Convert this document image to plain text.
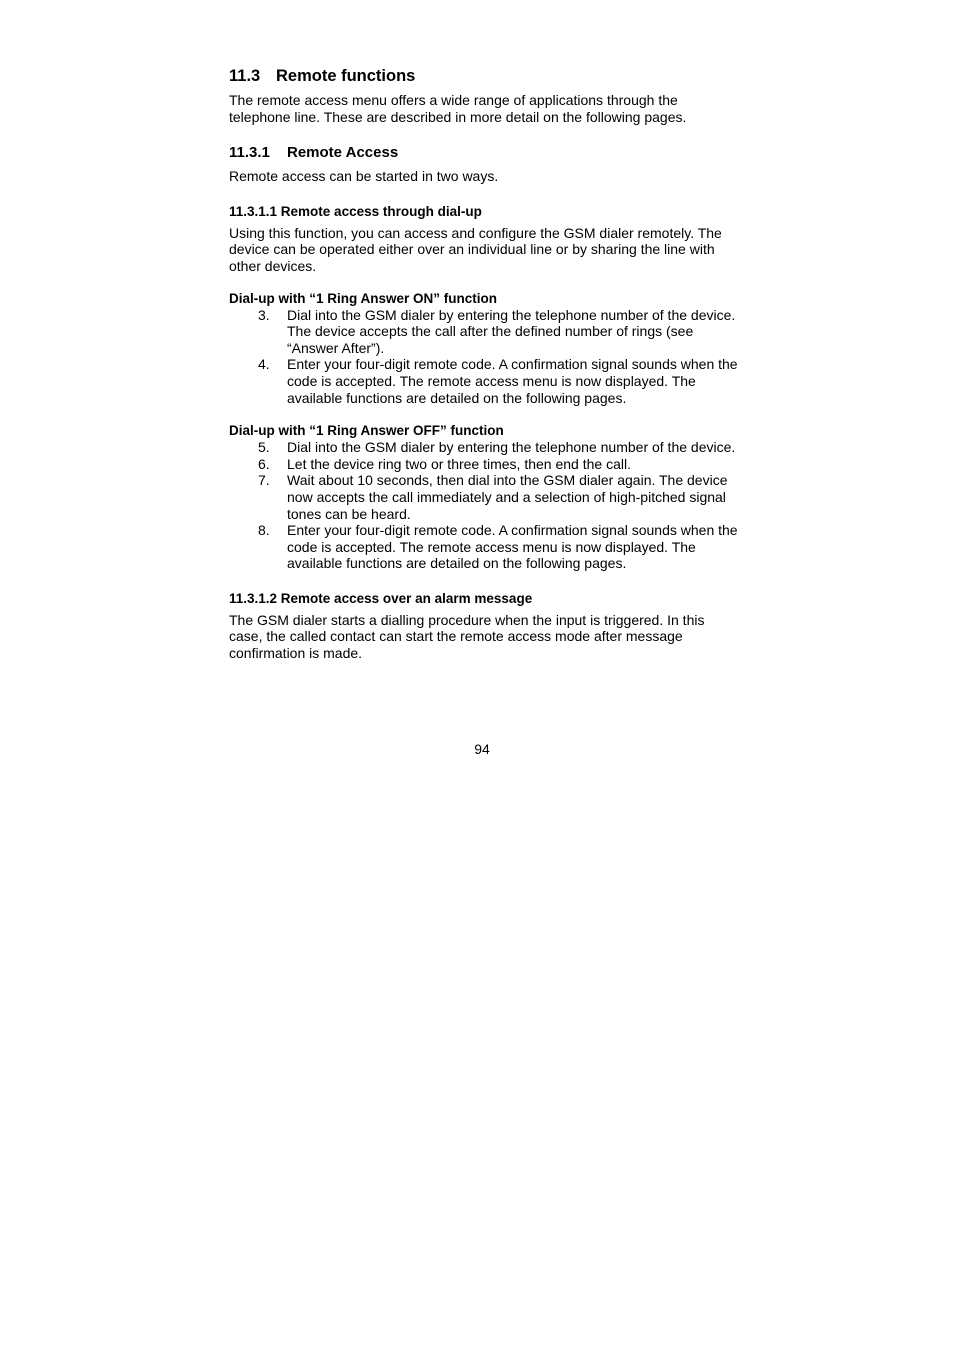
11.3 Remote functions

The remote access menu offers a wide range of applications through the telephone line. These are described in more detail on the following pages.

11.3.1 Remote Access

Remote access can be started in two ways.

11.3.1.1 Remote access through dial-up

Using this function, you can access and configure the GSM dialer remotely. The device can be operated either over an individual line or by sharing the line with other devices.

Dial-up with “1 Ring Answer ON” function
3. Dial into the GSM dialer by entering the telephone number of the device.
The device accepts the call after the defined number of rings (see “Answer After”).
4. Enter your four-digit remote code. A confirmation signal sounds when the code is accepted. The remote access menu is now displayed. The available functions are detailed on the following pages.
Dial-up with “1 Ring Answer OFF” function
5. Dial into the GSM dialer by entering the telephone number of the device.
6. Let the device ring two or three times, then end the call.
7. Wait about 10 seconds, then dial into the GSM dialer again. The device now accepts the call immediately and a selection of high-pitched signal tones can be heard.
8. Enter your four-digit remote code. A confirmation signal sounds when the code is accepted. The remote access menu is now displayed. The available functions are detailed on the following pages.
11.3.1.2 Remote access over an alarm message

The GSM dialer starts a dialling procedure when the input is triggered. In this case, the called contact can start the remote access mode after message confirmation is made.

94
